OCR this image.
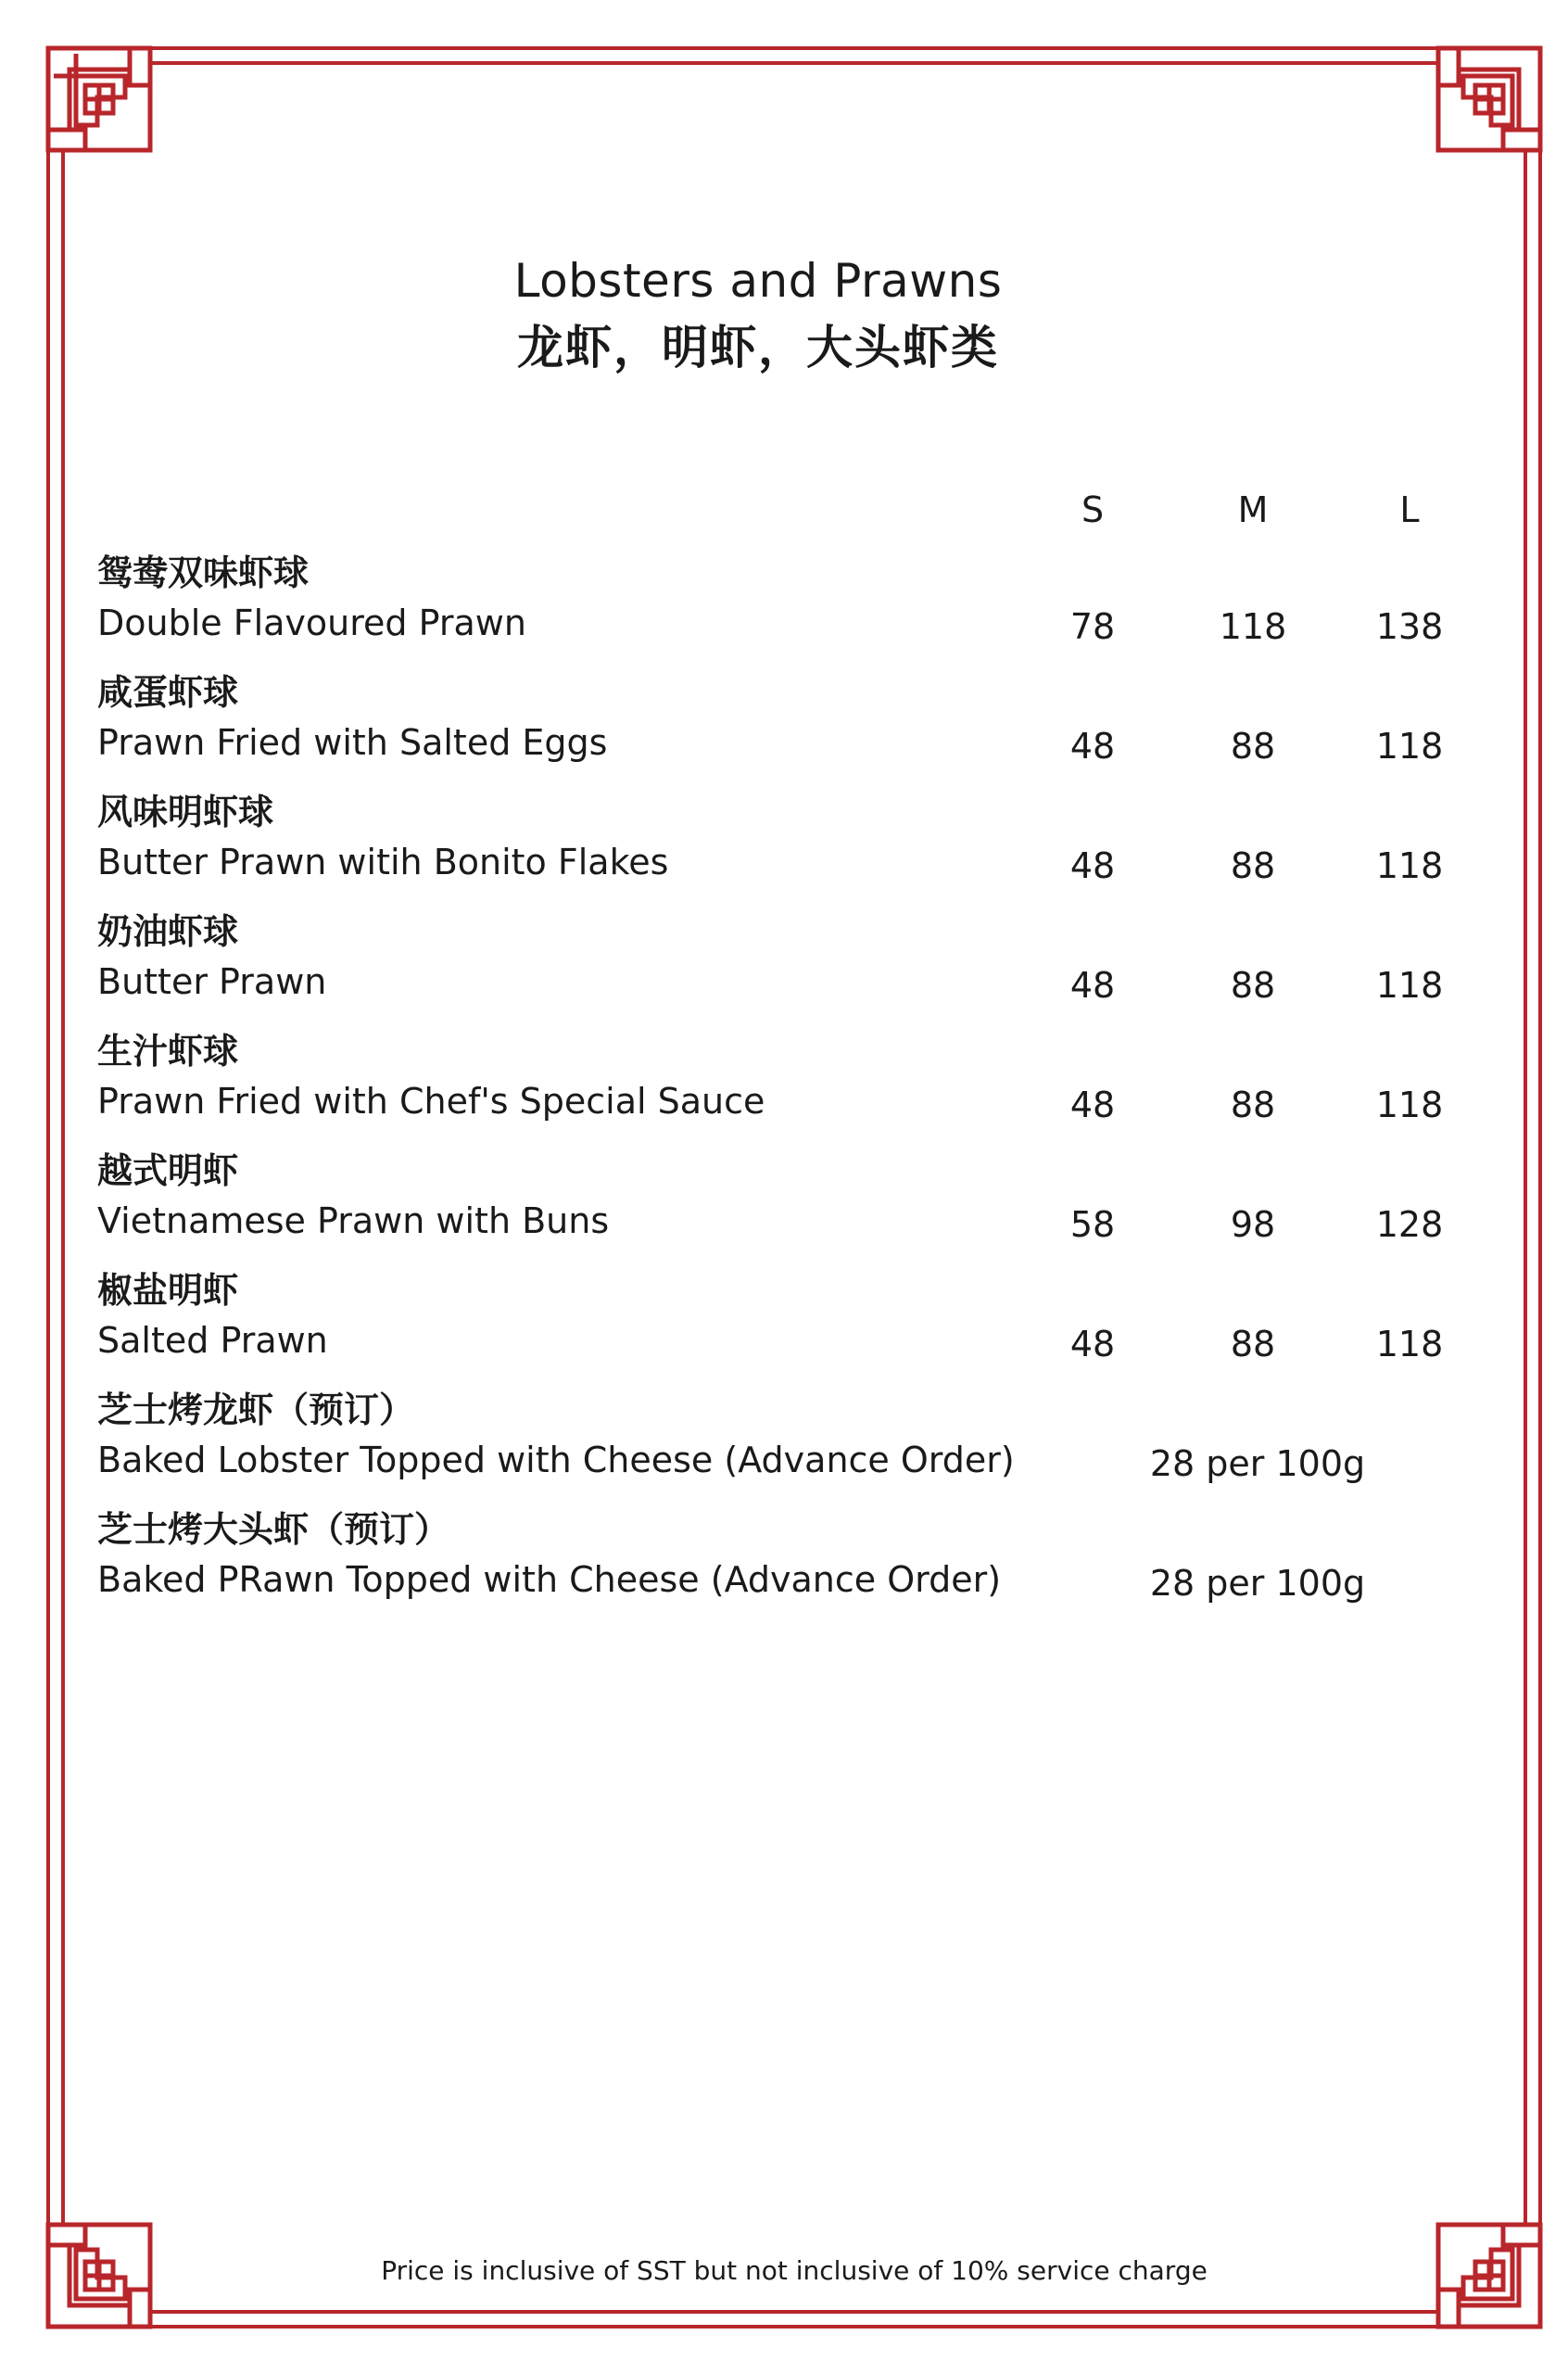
Lobsters and Prawns
龙虾，明虾，大头虾类
S	M	L
鸳鸯双味虾球
Double Flavoured Prawn	78	118	138
咸蛋虾球
Prawn Fried with Salted Eggs	48	88	118
风味明虾球
Butter Prawn witih Bonito Flakes	48	88	118
奶油虾球
Butter Prawn	48	88	118
生汁虾球
Prawn Fried with Chef's Special Sauce	48	88	118
越式明虾
Vietnamese Prawn with Buns	58	98	128
椒盐明虾
Salted Prawn	48	88	118
芝士烤龙虾（预订）
Baked Lobster Topped with Cheese (Advance Order)	28 per 100g
芝士烤大头虾（预订）
Baked PRawn Topped with Cheese (Advance Order)	28 per 100g
Price is inclusive of SST but not inclusive of 10% service charge
